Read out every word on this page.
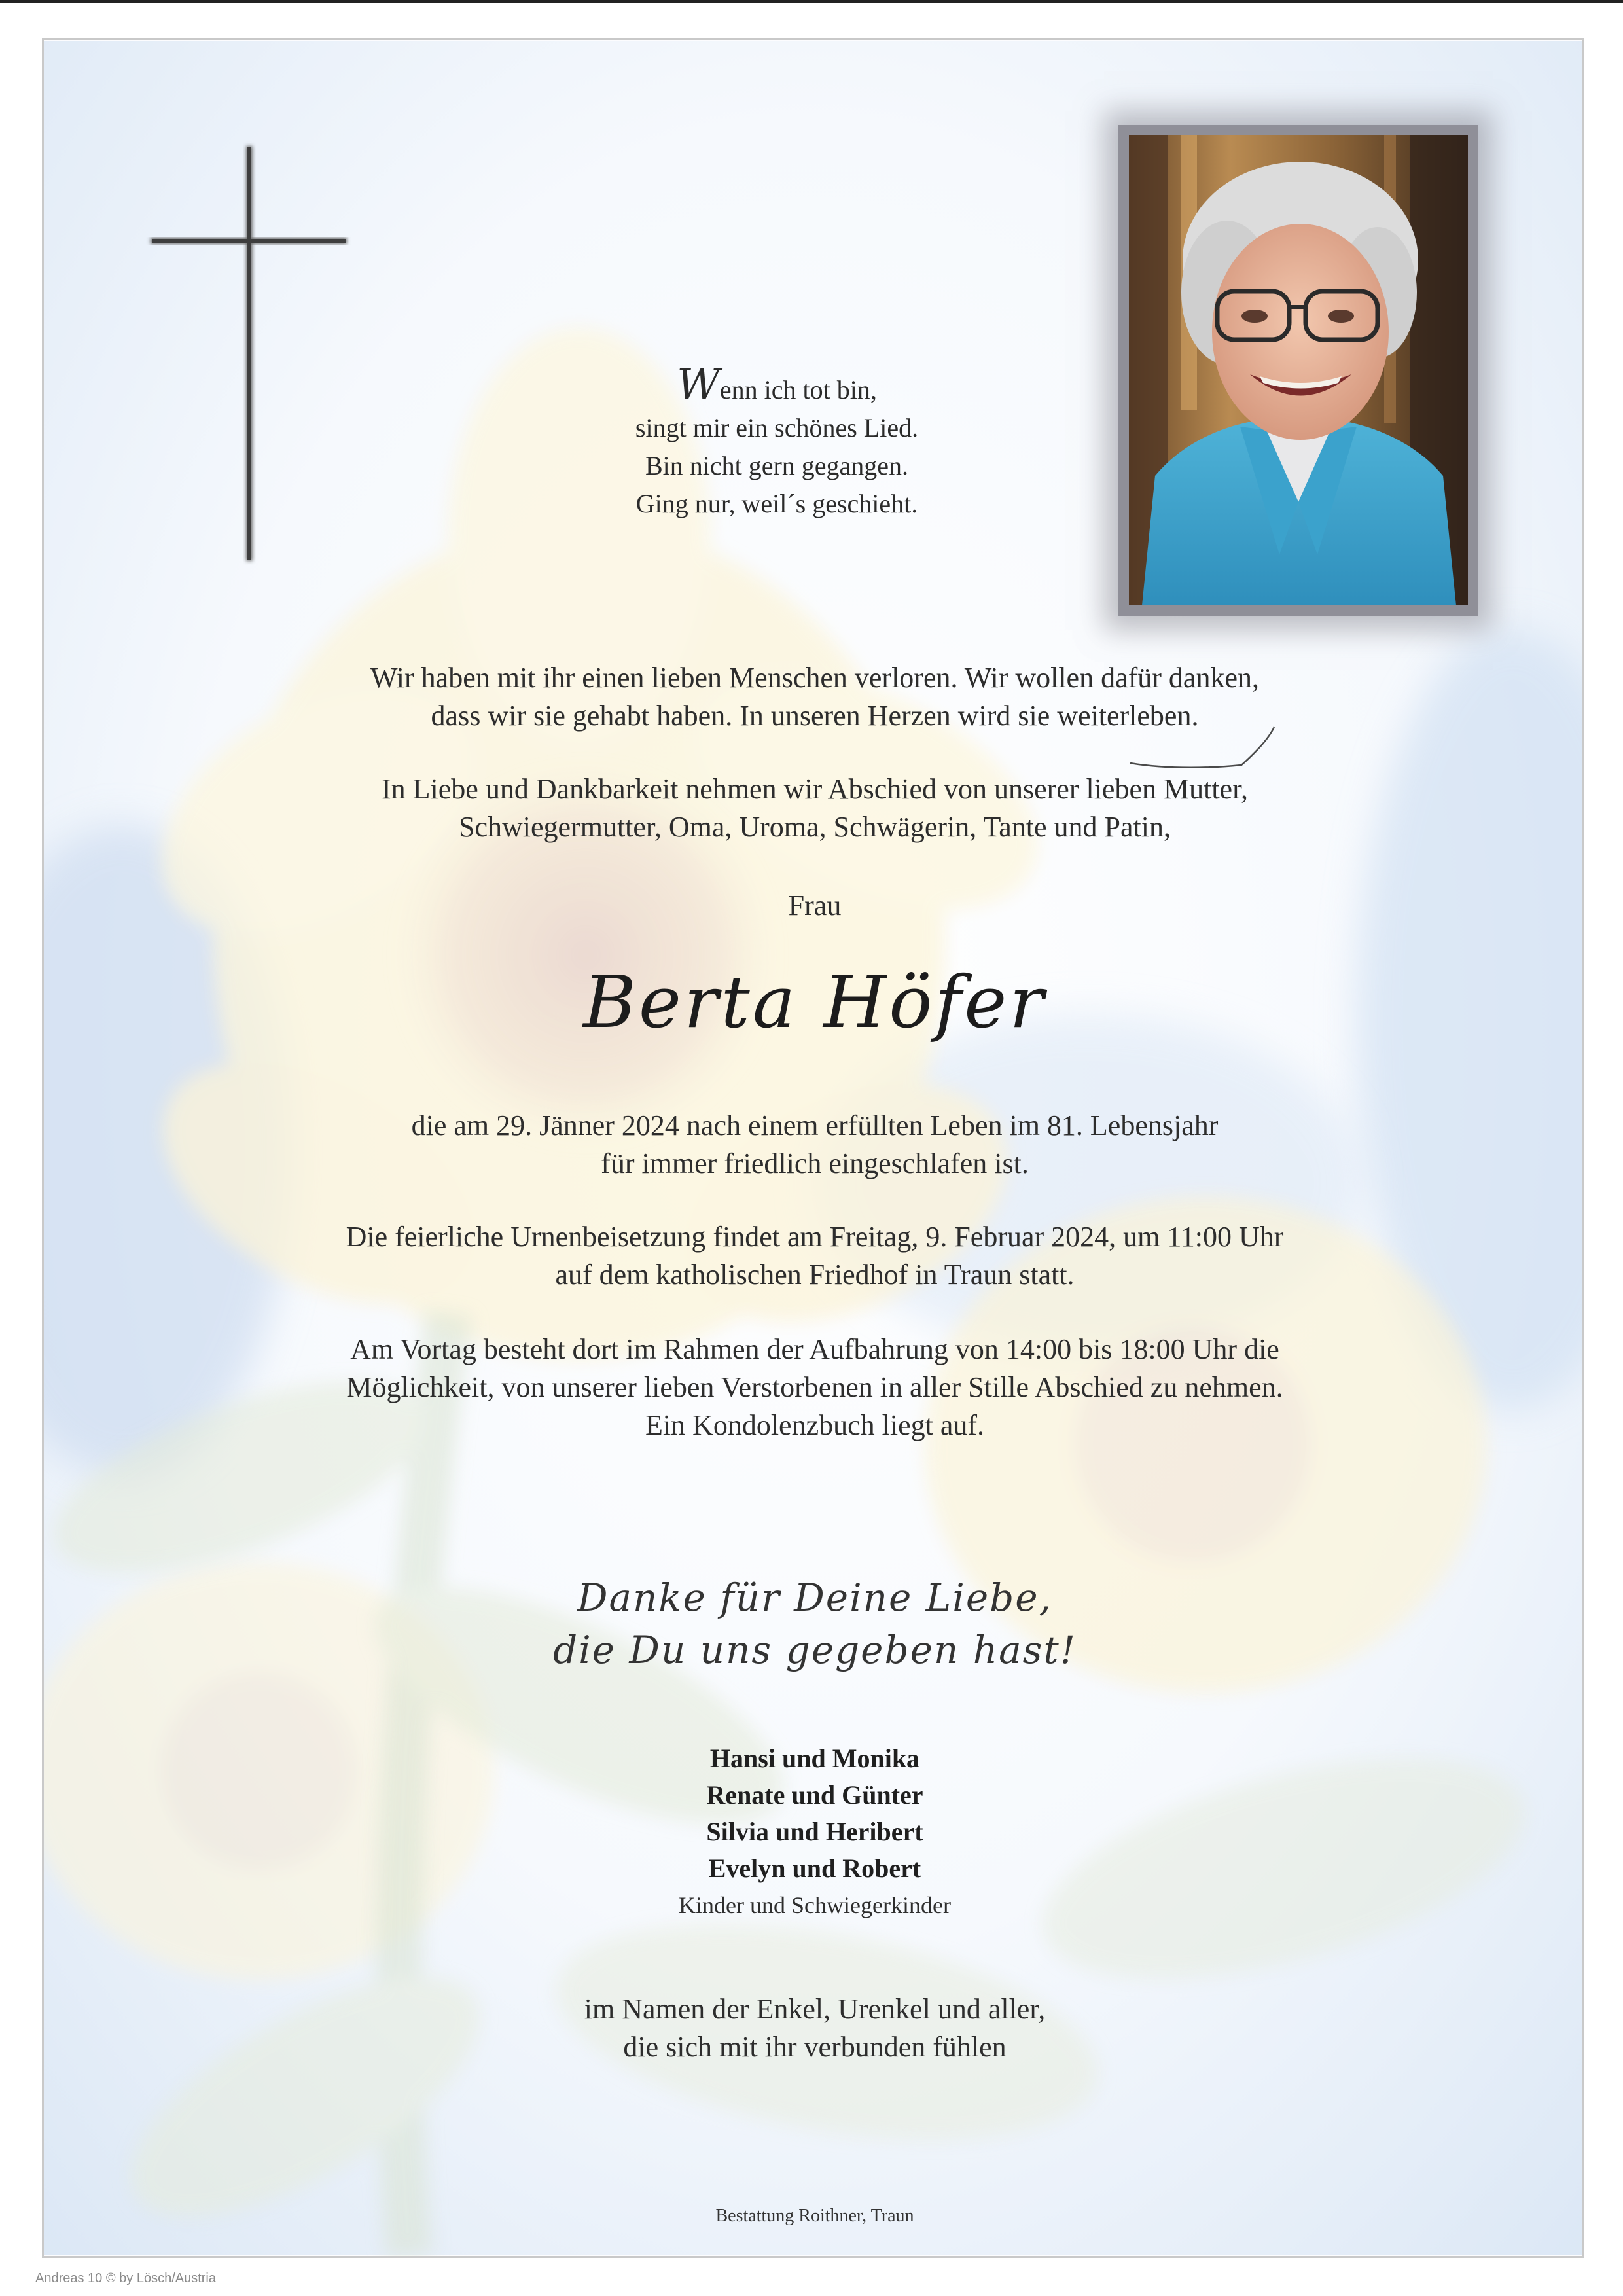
Wenn ich tot bin,
singt mir ein schönes Lied.
Bin nicht gern gegangen.
Ging nur, weil´s geschieht.
Wir haben mit ihr einen lieben Menschen verloren. Wir wollen dafür danken,
dass wir sie gehabt haben. In unseren Herzen wird sie weiterleben.
In Liebe und Dankbarkeit nehmen wir Abschied von unserer lieben Mutter,
Schwiegermutter, Oma, Uroma, Schwägerin, Tante und Patin,
Frau
Berta Höfer
die am 29. Jänner 2024 nach einem erfüllten Leben im 81. Lebensjahr
für immer friedlich eingeschlafen ist.
Die feierliche Urnenbeisetzung findet am Freitag, 9. Februar 2024, um 11:00 Uhr
auf dem katholischen Friedhof in Traun statt.
Am Vortag besteht dort im Rahmen der Aufbahrung von 14:00 bis 18:00 Uhr die
Möglichkeit, von unserer lieben Verstorbenen in aller Stille Abschied zu nehmen.
Ein Kondolenzbuch liegt auf.
Danke für Deine Liebe,
die Du uns gegeben hast!
Hansi und Monika
Renate und Günter
Silvia und Heribert
Evelyn und Robert
Kinder und Schwiegerkinder
im Namen der Enkel, Urenkel und aller,
die sich mit ihr verbunden fühlen
Bestattung Roithner, Traun
Andreas 10 © by Lösch/Austria
